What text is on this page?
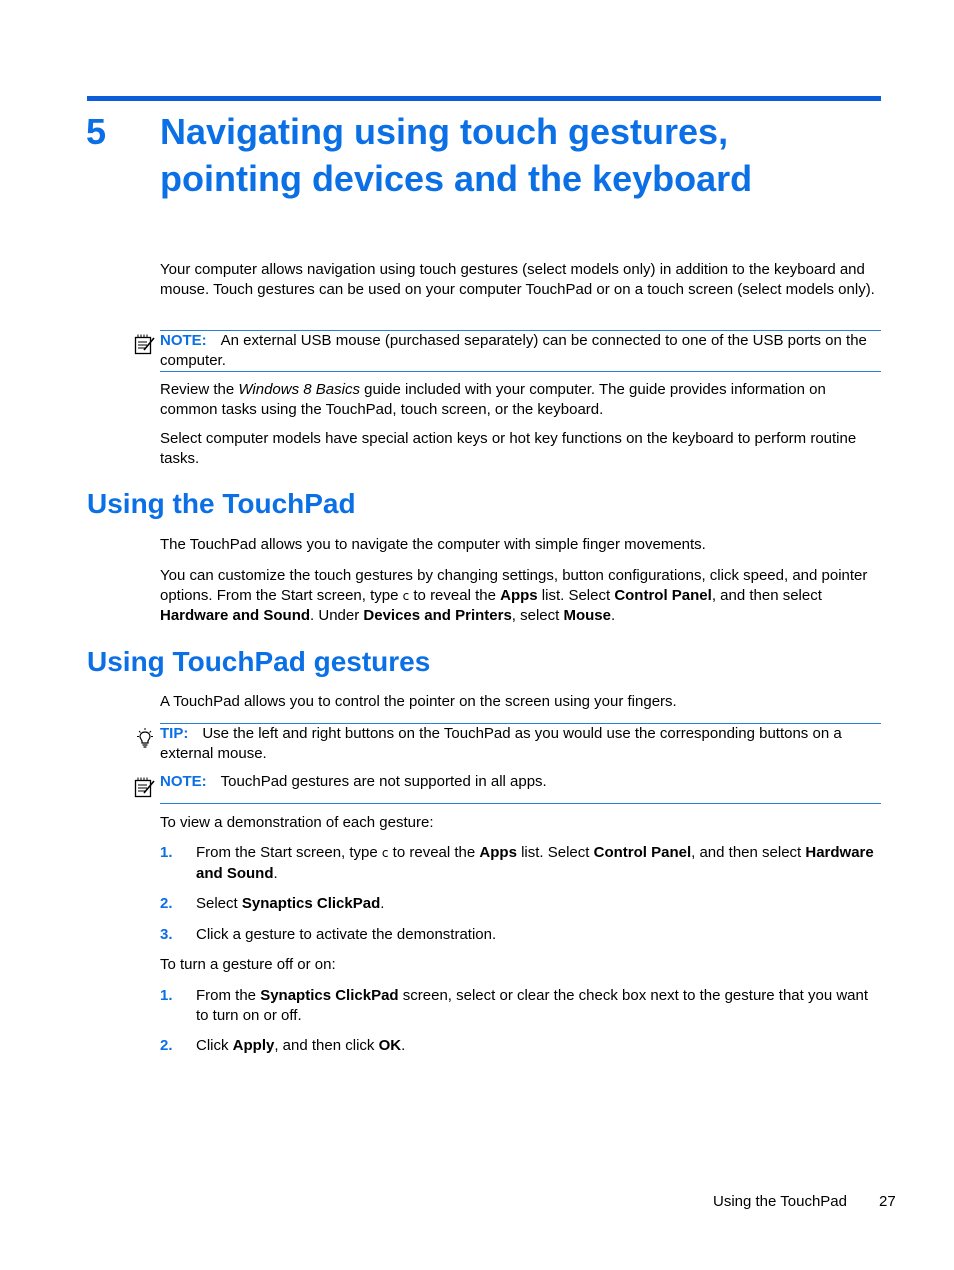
5 Navigating using touch gestures,
pointing devices and the keyboard
Your computer allows navigation using touch gestures (select models only) in addition to the keyboard and mouse. Touch gestures can be used on your computer TouchPad or on a touch screen (select models only).
NOTE: An external USB mouse (purchased separately) can be connected to one of the USB ports on the computer.
Review the Windows 8 Basics guide included with your computer. The guide provides information on common tasks using the TouchPad, touch screen, or the keyboard.
Select computer models have special action keys or hot key functions on the keyboard to perform routine tasks.
Using the TouchPad
The TouchPad allows you to navigate the computer with simple finger movements.
You can customize the touch gestures by changing settings, button configurations, click speed, and pointer options. From the Start screen, type c to reveal the Apps list. Select Control Panel, and then select Hardware and Sound. Under Devices and Printers, select Mouse.
Using TouchPad gestures
A TouchPad allows you to control the pointer on the screen using your fingers.
TIP: Use the left and right buttons on the TouchPad as you would use the corresponding buttons on a external mouse.
NOTE: TouchPad gestures are not supported in all apps.
To view a demonstration of each gesture:
1. From the Start screen, type c to reveal the Apps list. Select Control Panel, and then select Hardware and Sound.
2. Select Synaptics ClickPad.
3. Click a gesture to activate the demonstration.
To turn a gesture off or on:
1. From the Synaptics ClickPad screen, select or clear the check box next to the gesture that you want to turn on or off.
2. Click Apply, and then click OK.
Using the TouchPad 27
